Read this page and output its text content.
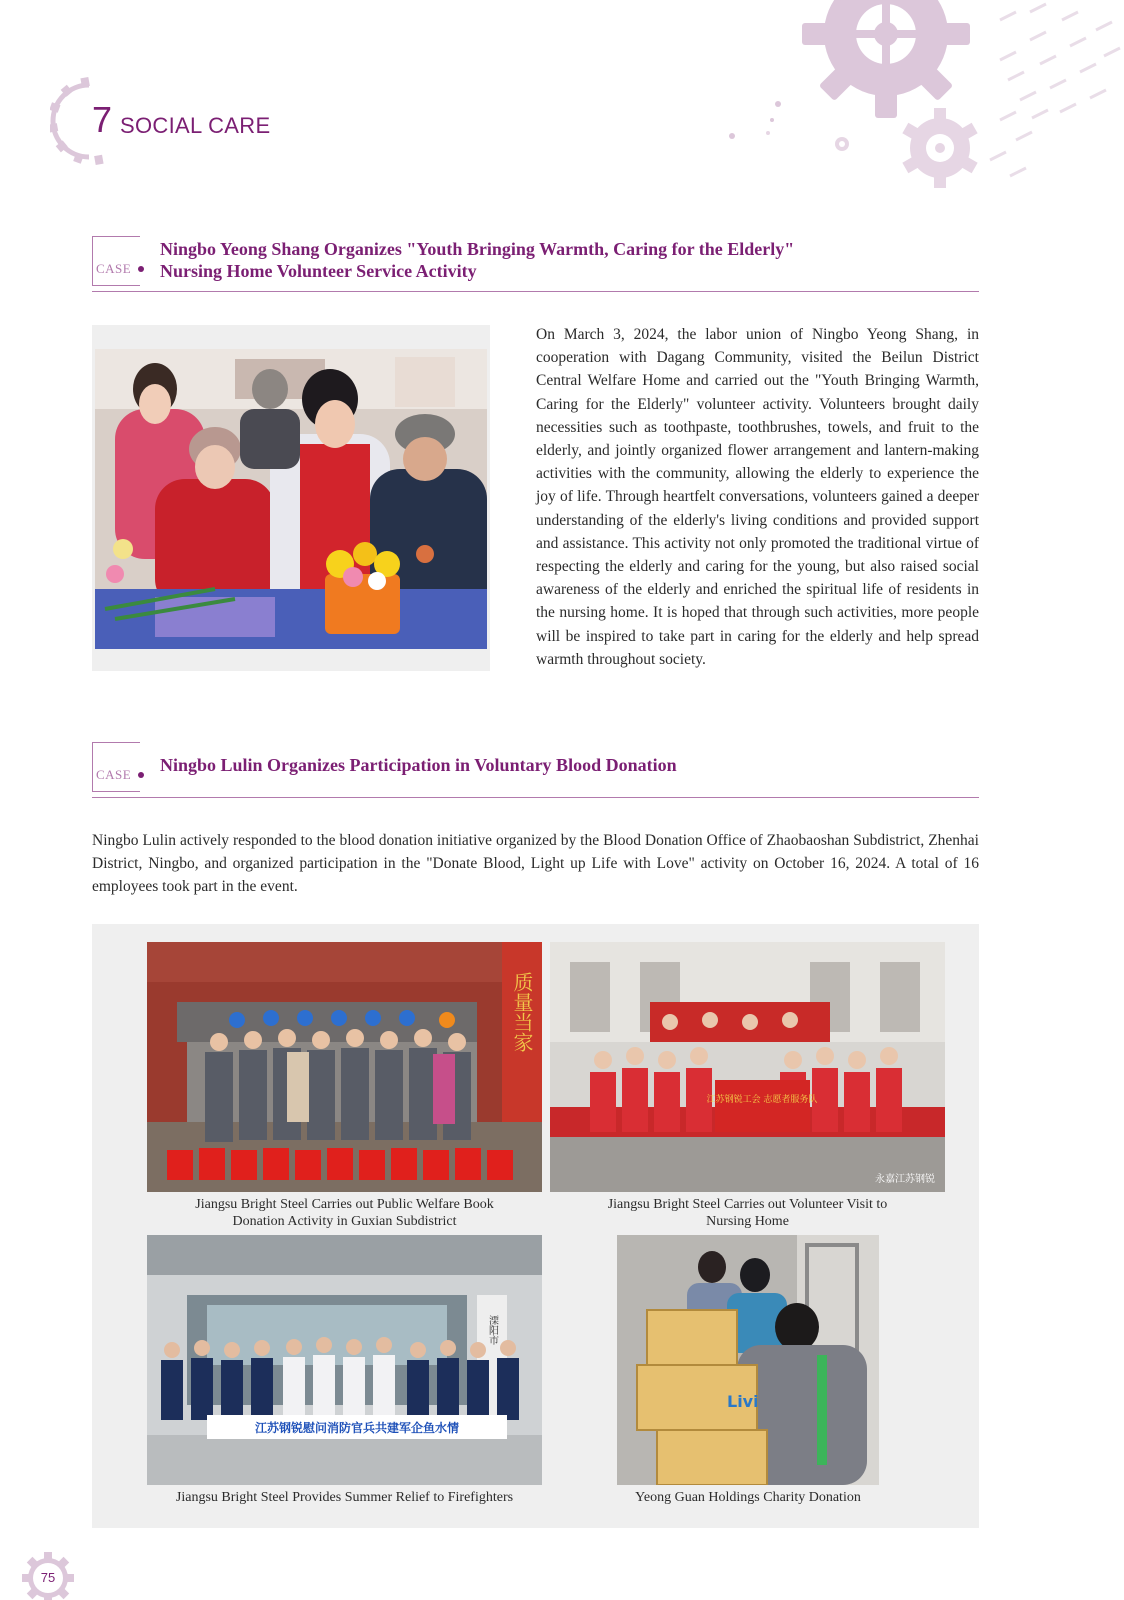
7 SOCIAL CARE
CASE
Ningbo Yeong Shang Organizes "Youth Bringing Warmth, Caring for the Elderly"
Nursing Home Volunteer Service Activity
On March 3, 2024, the labor union of Ningbo Yeong Shang, in cooperation with Dagang Community, visited the Beilun District Central Welfare Home and carried out the "Youth Bringing Warmth, Caring for the Elderly" volunteer activity. Volunteers brought daily necessities such as toothpaste, toothbrushes, towels, and fruit to the elderly, and jointly organized flower arrangement and lantern-making activities with the community, allowing the elderly to experience the joy of life. Through heartfelt conversations, volunteers gained a deeper understanding of the elderly's living conditions and provided support and assistance. This activity not only promoted the traditional virtue of respecting the elderly and caring for the young, but also raised social awareness of the elderly and enriched the spiritual life of residents in the nursing home. It is hoped that through such activities, more people will be inspired to take part in caring for the elderly and help spread warmth throughout society.
CASE Ningbo Lulin Organizes Participation in Voluntary Blood Donation
Ningbo Lulin actively responded to the blood donation initiative organized by the Blood Donation Office of Zhaobaoshan Subdistrict, Zhenhai District, Ningbo, and organized participation in the "Donate Blood, Light up Life with Love" activity on October 16, 2024. A total of 16 employees took part in the event.
质量当家
Jiangsu Bright Steel Carries out Public Welfare Book
Donation Activity in Guxian Subdistrict
江苏钢锐工会 志愿者服务队
永嘉江苏钢锐
Jiangsu Bright Steel Carries out Volunteer Visit to
Nursing Home
溧阳市
江苏钢锐慰问消防官兵共建军企鱼水情
Jiangsu Bright Steel Provides Summer Relief to Firefighters
Livi
Yeong Guan Holdings Charity Donation
75
